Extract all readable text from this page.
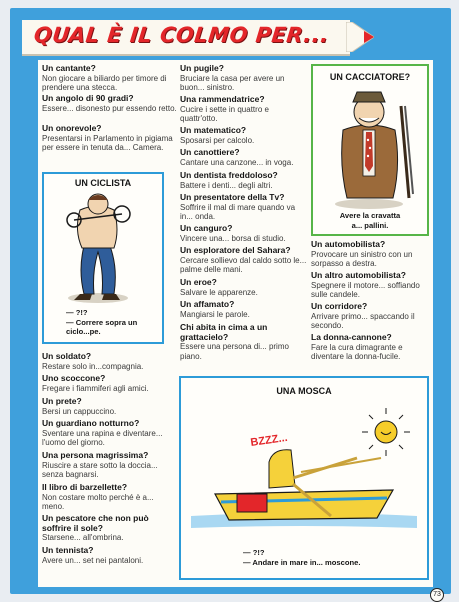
QUAL È IL COLMO PER...
Un cantante?
Non giocare a biliardo per timore di prendere una stecca.
Un angolo di 90 gradi?
Essere... disonesto pur essendo retto.
Un onorevole?
Presentarsi in Parlamento in pigiama per essere in tenuta da... Camera.
UN CICLISTA
— ?!?
— Correre sopra un ciclo...pe.
Un soldato?
Restare solo in...compagnia.
Uno scoccone?
Fregare i fiammiferi agli amici.
Un prete?
Bersi un cappuccino.
Un guardiano notturno?
Sventare una rapina e diventare... l'uomo del giorno.
Una persona magrissima?
Riuscire a stare sotto la doccia... senza bagnarsi.
Il libro di barzellette?
Non costare molto perché è a... meno.
Un pescatore che non può soffrire il sole?
Starsene... all'ombrina.
Un tennista?
Avere un... set nei pantaloni.
Un pugile?
Bruciare la casa per avere un buon... sinistro.
Una rammendatrice?
Cucire i sette in quattro e quattr'otto.
Un matematico?
Sposarsi per calcolo.
Un canottiere?
Cantare una canzone... in voga.
Un dentista freddoloso?
Battere i denti... degli altri.
Un presentatore della Tv?
Soffrire il mal di mare quando va in... onda.
Un canguro?
Vincere una... borsa di studio.
Un esploratore del Sahara?
Cercare sollievo dal caldo sotto le... palme delle mani.
Un eroe?
Salvare le apparenze.
Un affamato?
Mangiarsi le parole.
Chi abita in cima a un grattacielo?
Essere una persona di... primo piano.
UN CACCIATORE?
Avere la cravatta
a... pallini.
Un automobilista?
Provocare un sinistro con un sorpasso a destra.
Un altro automobilista?
Spegnere il motore... soffiando sulle candele.
Un corridore?
Arrivare primo... spaccando il secondo.
La donna-cannone?
Fare la cura dimagrante e diventare la donna-fucile.
UNA MOSCA
BZZZ...
— ?!?
— Andare in mare in... moscone.
73
